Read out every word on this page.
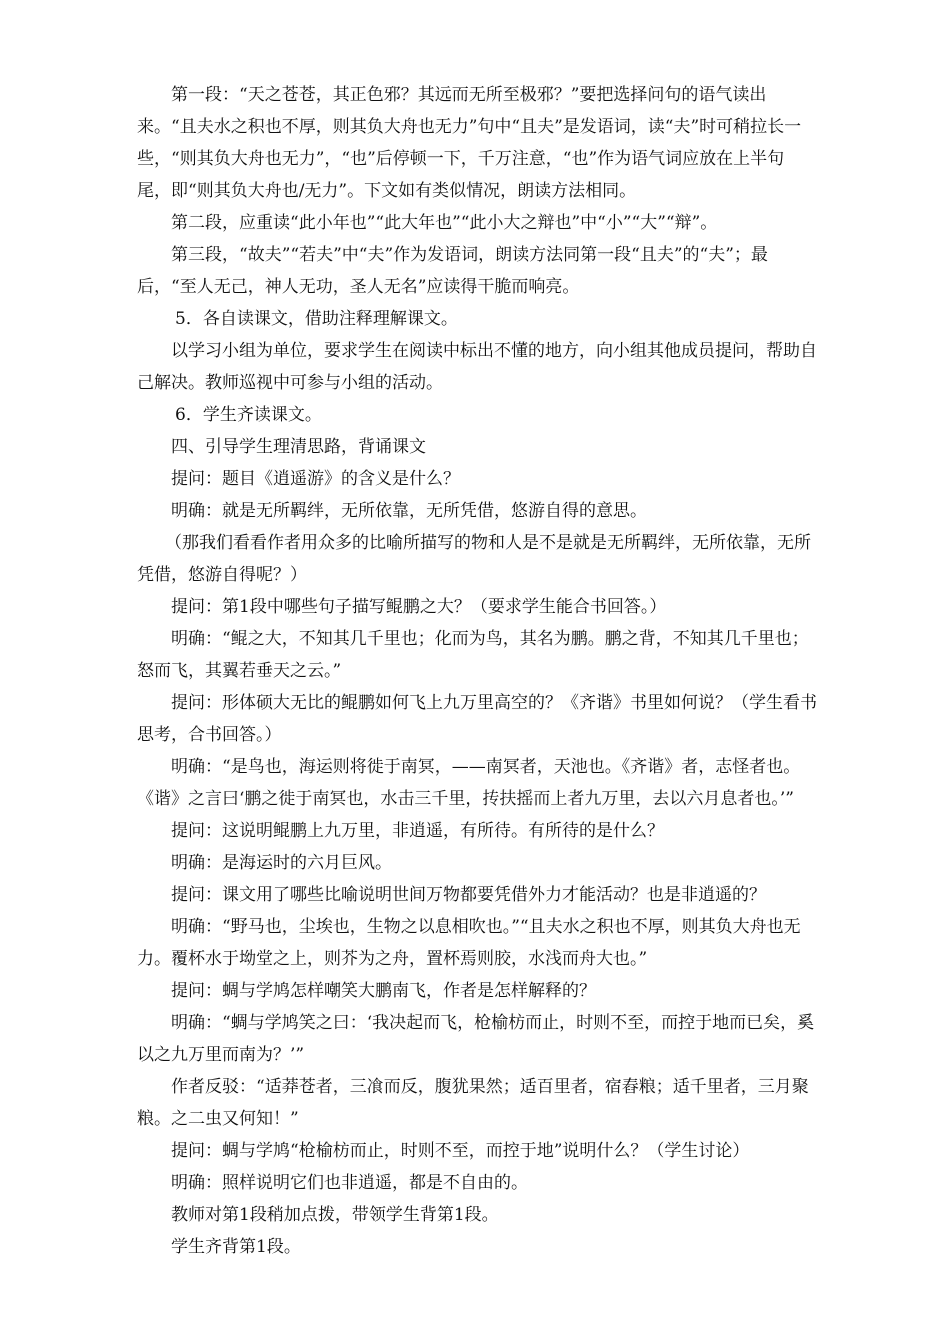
第一段：“天之苍苍，其正色邪？其远而无所至极邪？”要把选择问句的语气读出来。“且夫水之积也不厚，则其负大舟也无力”句中“且夫”是发语词，读“夫”时可稍拉长一些，“则其负大舟也无力”，“也”后停顿一下，千万注意，“也”作为语气词应放在上半句尾，即“则其负大舟也/无力”。下文如有类似情况，朗读方法相同。

第二段，应重读“此小年也”“此大年也”“此小大之辩也”中“小”“大”“辩”。

第三段，“故夫”“若夫”中“夫”作为发语词，朗读方法同第一段“且夫”的“夫”；最后，“至人无己，神人无功，圣人无名”应读得干脆而响亮。

5．各自读课文，借助注释理解课文。

以学习小组为单位，要求学生在阅读中标出不懂的地方，向小组其他成员提问，帮助自己解决。教师巡视中可参与小组的活动。

6．学生齐读课文。

四、引导学生理清思路，背诵课文

提问：题目《逍遥游》的含义是什么？

明确：就是无所羁绊，无所依靠，无所凭借，悠游自得的意思。

（那我们看看作者用众多的比喻所描写的物和人是不是就是无所羁绊，无所依靠，无所凭借，悠游自得呢？）

提问：第1段中哪些句子描写鲲鹏之大？（要求学生能合书回答。）

明确：“鲲之大，不知其几千里也；化而为鸟，其名为鹏。鹏之背，不知其几千里也；怒而飞，其翼若垂天之云。”

提问：形体硕大无比的鲲鹏如何飞上九万里高空的？《齐谐》书里如何说？（学生看书思考，合书回答。）

明确：“是鸟也，海运则将徙于南冥，——南冥者，天池也。《齐谐》者，志怪者也。《谐》之言曰‘鹏之徙于南冥也，水击三千里，抟扶摇而上者九万里，去以六月息者也。’”

提问：这说明鲲鹏上九万里，非逍遥，有所待。有所待的是什么？

明确：是海运时的六月巨风。

提问：课文用了哪些比喻说明世间万物都要凭借外力才能活动？也是非逍遥的？

明确：“野马也，尘埃也，生物之以息相吹也。”“且夫水之积也不厚，则其负大舟也无力。覆杯水于坳堂之上，则芥为之舟，置杯焉则胶，水浅而舟大也。”

提问：蜩与学鸠怎样嘲笑大鹏南飞，作者是怎样解释的？

明确：“蜩与学鸠笑之曰：‘我决起而飞，枪榆枋而止，时则不至，而控于地而已矣，奚以之九万里而南为？’”

作者反驳：“适莽苍者，三飡而反，腹犹果然；适百里者，宿舂粮；适千里者，三月聚粮。之二虫又何知！”

提问：蜩与学鸠“枪榆枋而止，时则不至，而控于地”说明什么？（学生讨论）

明确：照样说明它们也非逍遥，都是不自由的。

教师对第1段稍加点拨，带领学生背第1段。

学生齐背第1段。
